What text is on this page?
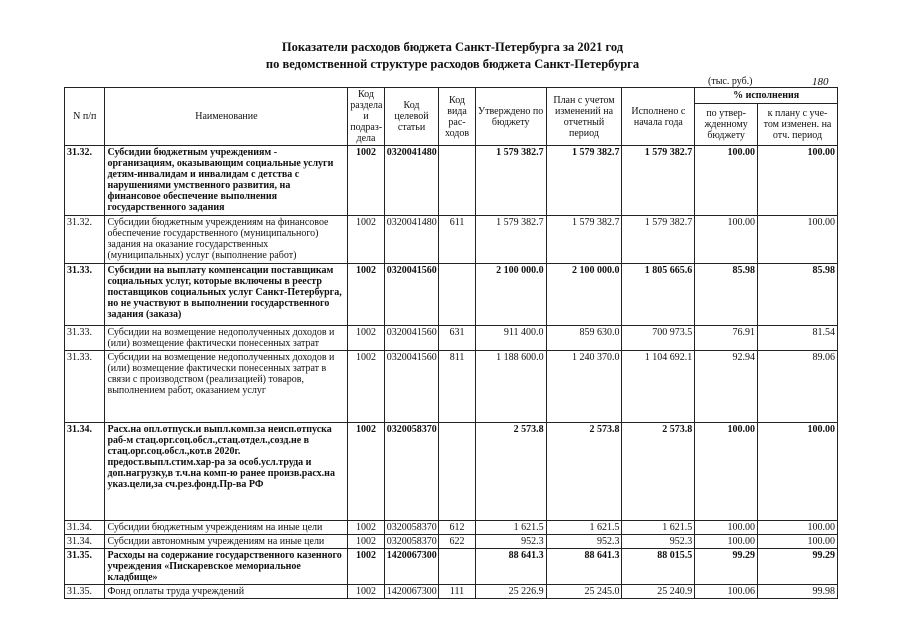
Показатели расходов бюджета Санкт-Петербурга за 2021 год
по ведомственной структуре расходов бюджета Санкт-Петербурга
(тыс. руб.)	180
N п/п	Наименование	Код раздела и подраз-дела	Код целевой статьи	Код вида рас-ходов	Утверждено по бюджету	План с учетом изменений на отчетный период	Исполнено с начала года	% исполнения	
								по утвер-жденному бюджету	к плану с уче-том изменен. на отч. период
31.32.	Субсидии бюджетным учреждениям - организациям, оказывающим социальные услуги детям-инвалидам и инвалидам с детства с нарушениями умственного развития, на финансовое обеспечение выполнения государственного задания	1002	0320041480		1 579 382.7	1 579 382.7	1 579 382.7	100.00	100.00
31.32.	Субсидии бюджетным учреждениям на финансовое обеспечение государственного (муниципального) задания на оказание государственных (муниципальных) услуг (выполнение работ)	1002	0320041480	611	1 579 382.7	1 579 382.7	1 579 382.7	100.00	100.00
31.33.	Субсидии на выплату компенсации поставщикам социальных услуг, которые включены в реестр поставщиков социальных услуг Санкт-Петербурга, но не участвуют в выполнении государственного задания (заказа)	1002	0320041560		2 100 000.0	2 100 000.0	1 805 665.6	85.98	85.98
31.33.	Субсидии на возмещение недополученных доходов и (или) возмещение фактически понесенных затрат	1002	0320041560	631	911 400.0	859 630.0	700 973.5	76.91	81.54
31.33.	Субсидии на возмещение недополученных доходов и (или) возмещение фактически понесенных затрат в связи с производством (реализацией) товаров, выполнением работ, оказанием услуг	1002	0320041560	811	1 188 600.0	1 240 370.0	1 104 692.1	92.94	89.06
31.34.	Расх.на опл.отпуск.и выпл.комп.за неисп.отпуска раб-м стац.орг.соц.обсл.,стац.отдел.,созд.не в стац.орг.соц.обсл.,кот.в 2020г. предост.выпл.стим.хар-ра за особ.усл.труда и доп.нагрузку,в т.ч.на комп-ю ранее произв.расх.на указ.цели,за сч.рез.фонд.Пр-ва РФ	1002	0320058370		2 573.8	2 573.8	2 573.8	100.00	100.00
31.34.	Субсидии бюджетным учреждениям на иные цели	1002	0320058370	612	1 621.5	1 621.5	1 621.5	100.00	100.00
31.34.	Субсидии автономным учреждениям на иные цели	1002	0320058370	622	952.3	952.3	952.3	100.00	100.00
31.35.	Расходы на содержание государственного казенного учреждения «Пискаревское мемориальное кладбище»	1002	1420067300		88 641.3	88 641.3	88 015.5	99.29	99.29
31.35.	Фонд оплаты труда учреждений	1002	1420067300	111	25 226.9	25 245.0	25 240.9	100.06	99.98
